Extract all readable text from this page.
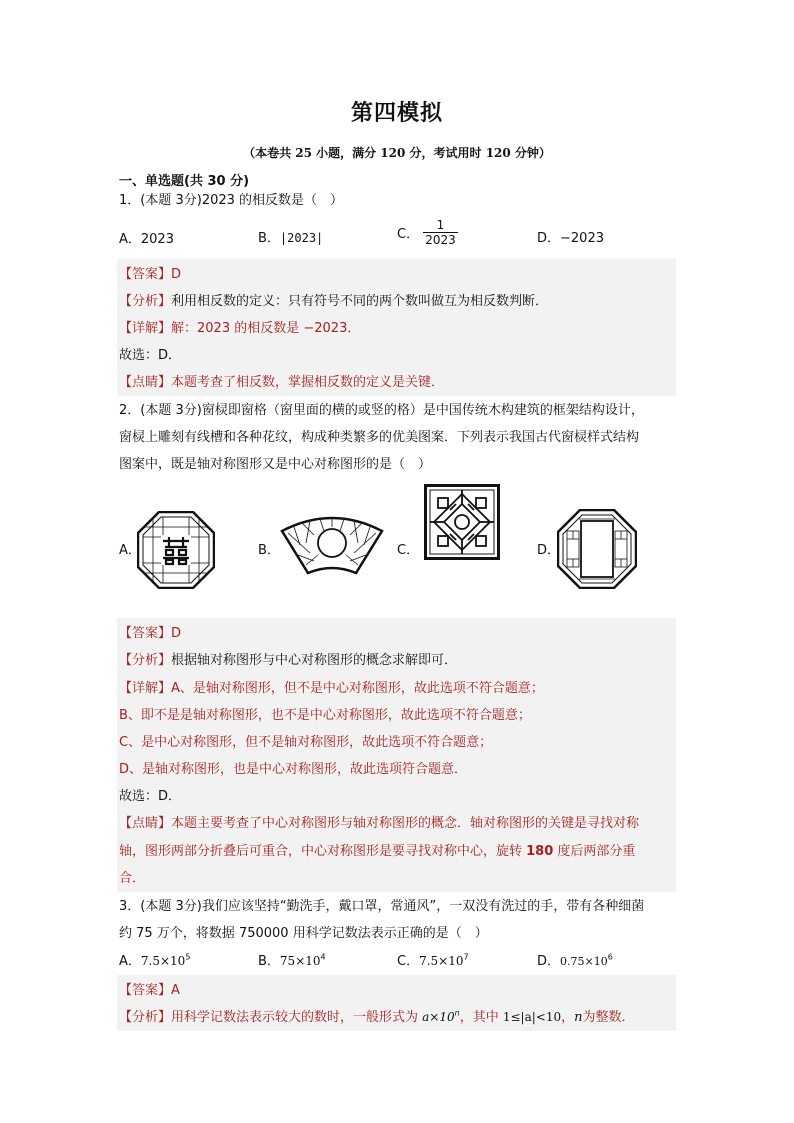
第四模拟
（本卷共 25 小题，满分 120 分，考试用时 120 分钟）
一、单选题(共 30 分)
1．(本题 3分)2023 的相反数是（　）
A．2023	B．|2023|	C． $\frac{1}{2023}$	D．−2023
【答案】D
【分析】利用相反数的定义：只有符号不同的两个数叫做互为相反数判断．
【详解】解：2023 的相反数是 −2023．
故选：D．
【点睛】本题考查了相反数，掌握相反数的定义是关键．
2．(本题 3分)窗棂即窗格（窗里面的横的或竖的格）是中国传统木构建筑的框架结构设计，
窗棂上雕刻有线槽和各种花纹，构成种类繁多的优美图案．下列表示我国古代窗棂样式结构
图案中，既是轴对称图形又是中心对称图形的是（　）
A．	B．	C．	D．
【答案】D
【分析】根据轴对称图形与中心对称图形的概念求解即可．
【详解】A、是轴对称图形，但不是中心对称图形，故此选项不符合题意；
B、即不是是轴对称图形，也不是中心对称图形，故此选项不符合题意；
C、是中心对称图形，但不是轴对称图形，故此选项不符合题意；
D、是轴对称图形，也是中心对称图形，故此选项符合题意．
故选：D．
【点睛】本题主要考查了中心对称图形与轴对称图形的概念．轴对称图形的关键是寻找对称
轴，图形两部分折叠后可重合，中心对称图形是要寻找对称中心，旋转 180 度后两部分重
合．
3．(本题 3分)我们应该坚持“勤洗手，戴口罩，常通风”，一双没有洗过的手，带有各种细菌
约 75 万个，将数据 750000 用科学记数法表示正确的是（　）
A．$7.5\times 10^5$	B．$75\times 10^4$	C．$7.5\times 10^7$	D．$0.75\times 10^6$
【答案】A
【分析】用科学记数法表示较大的数时，一般形式为 $a\times 10^n$，其中 1≤|a|<10，n为整数．
